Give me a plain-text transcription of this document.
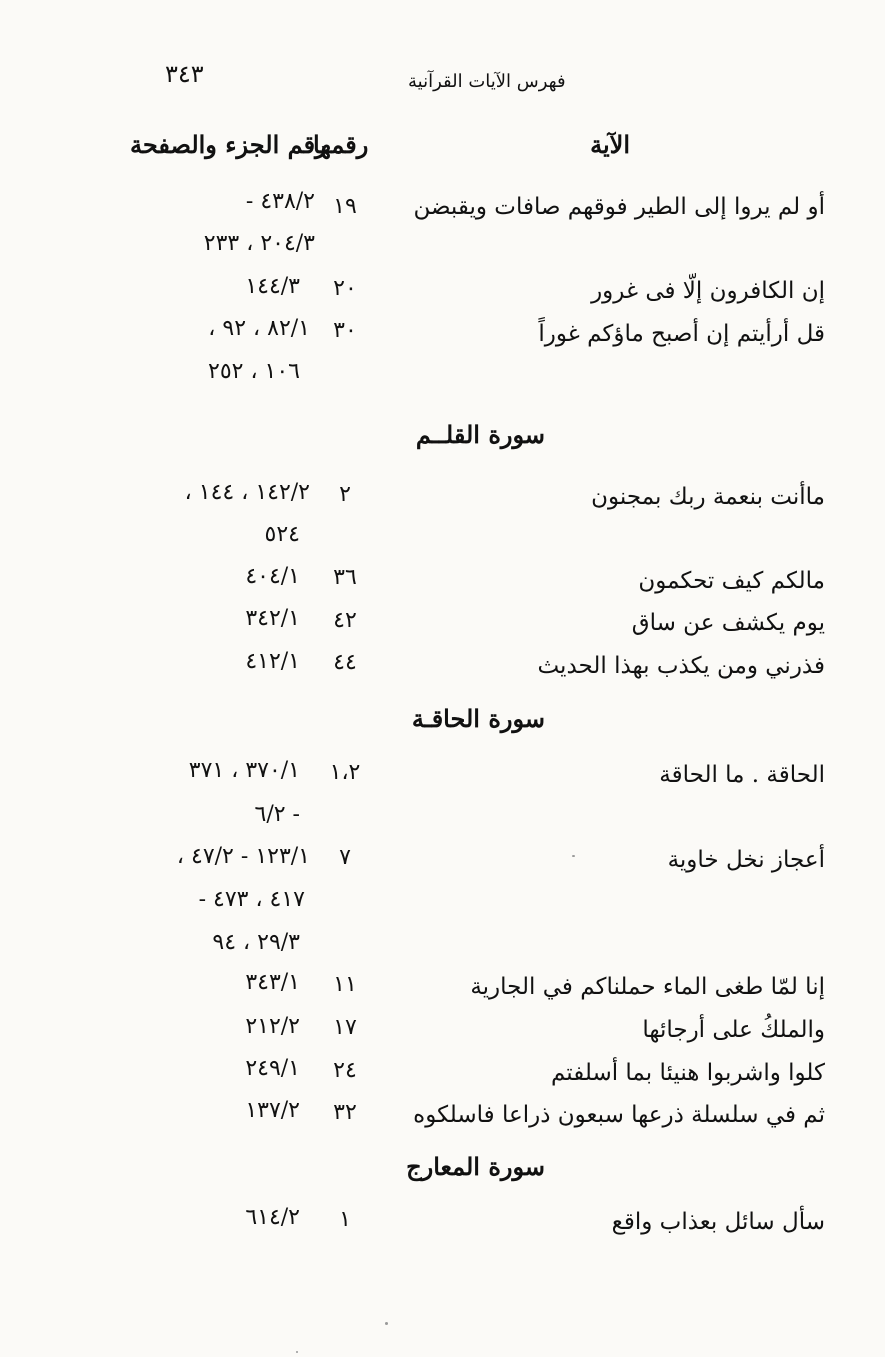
فهرس الآيات القرآنية
٣٤٣
الآية
رقمها
رقم الجزء والصفحة
أو لم يروا إلى الطير فوقهم صافات ويقبضن
١٩
٤٣٨/٢ -
٢٠٤/٣ ، ٢٣٣
إن الكافرون إلّا فى غرور
٢٠
١٤٤/٣
قل أرأيتم إن أصبح ماؤكم غوراً
٣٠
٨٢/١ ، ٩٢ ،
١٠٦ ، ٢٥٢
سورة القلــم
ماأنت بنعمة ربك بمجنون
٢
١٤٢/٢ ، ١٤٤ ،
٥٢٤
مالكم كيف تحكمون
٣٦
٤٠٤/١
يوم يكشف عن ساق
٤٢
٣٤٢/١
فذرني ومن يكذب بهذا الحديث
٤٤
٤١٢/١
سورة الحاقـة
الحاقة . ما الحاقة
١،٢
٣٧٠/١ ، ٣٧١
- ٦/٢
أعجاز نخل خاوية
٧
١٢٣/١ - ٤٧/٢ ،
٤١٧ ، ٤٧٣ -
٢٩/٣ ، ٩٤
إنا لمّا طغى الماء حملناكم في الجارية
١١
٣٤٣/١
والملكُ على أرجائها
١٧
٢١٢/٢
كلوا واشربوا هنيئا بما أسلفتم
٢٤
٢٤٩/١
ثم في سلسلة ذرعها سبعون ذراعا فاسلكوه
٣٢
١٣٧/٢
سورة المعارج
سأل سائل بعذاب واقع
١
٦١٤/٢
